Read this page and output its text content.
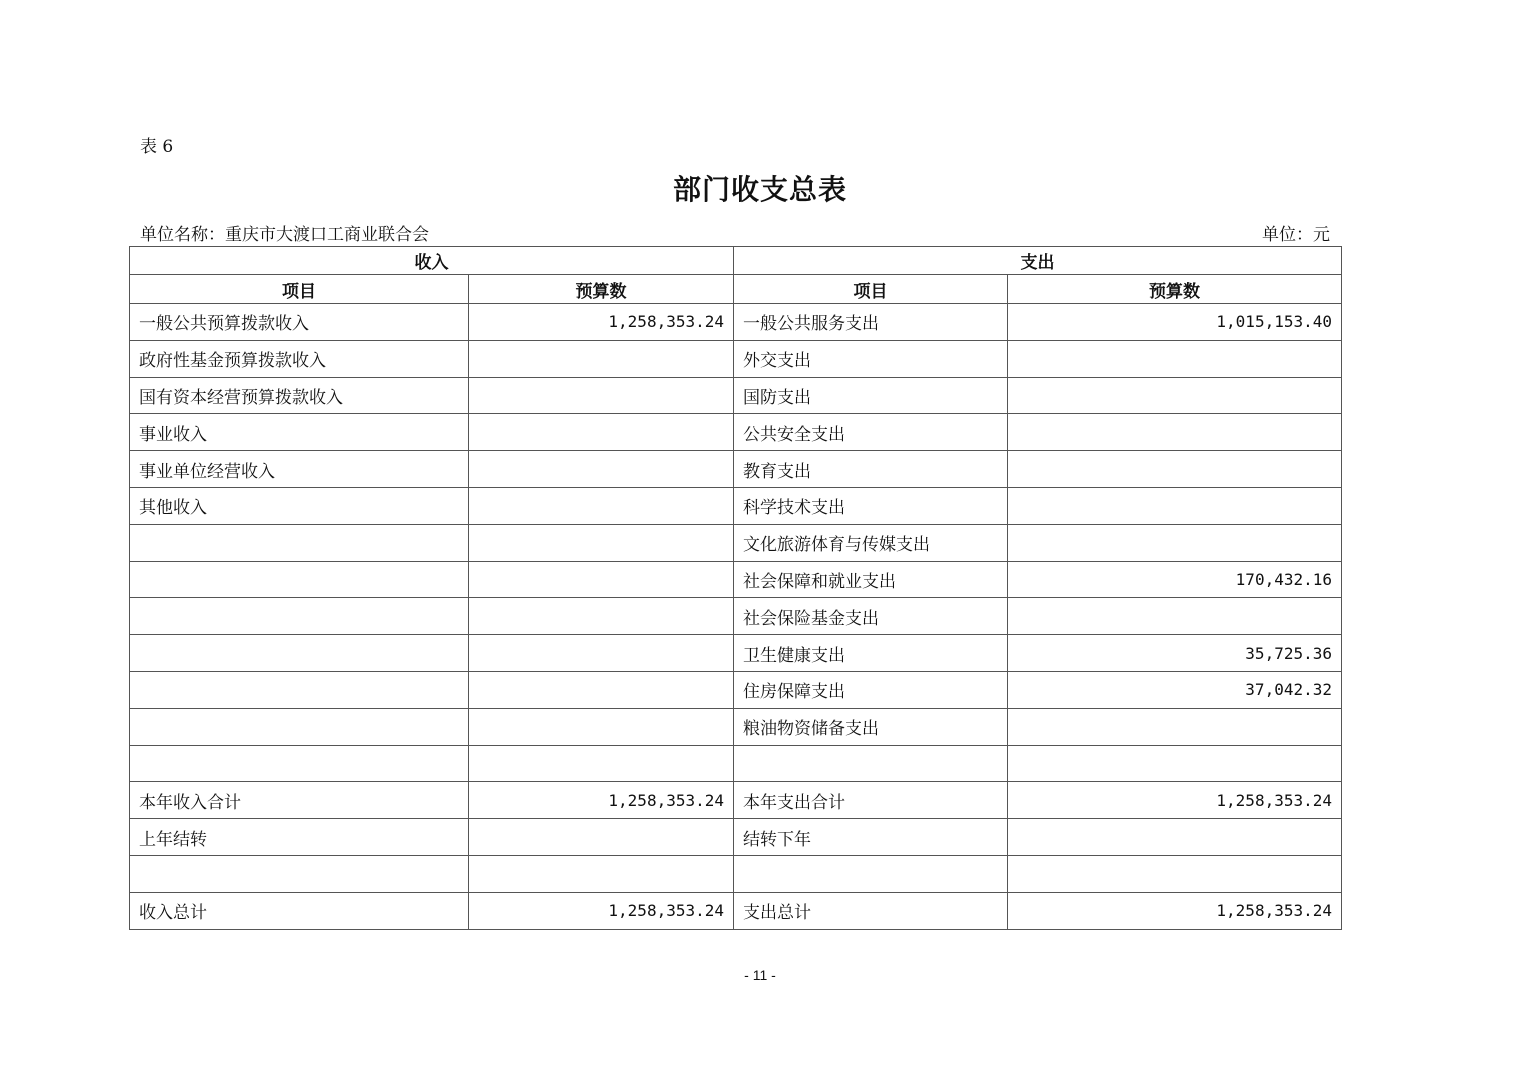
表 6
部门收支总表
单位名称：重庆市大渡口工商业联合会	单位：元
收入		支出	
项目	预算数	项目	预算数
一般公共预算拨款收入	1,258,353.24	一般公共服务支出	1,015,153.40
政府性基金预算拨款收入		外交支出	
国有资本经营预算拨款收入		国防支出	
事业收入		公共安全支出	
事业单位经营收入		教育支出	
其他收入		科学技术支出	
		文化旅游体育与传媒支出	
		社会保障和就业支出	170,432.16
		社会保险基金支出	
		卫生健康支出	35,725.36
		住房保障支出	37,042.32
		粮油物资储备支出	

本年收入合计	1,258,353.24	本年支出合计	1,258,353.24
上年结转		结转下年	

收入总计	1,258,353.24	支出总计	1,258,353.24
- 11 -
